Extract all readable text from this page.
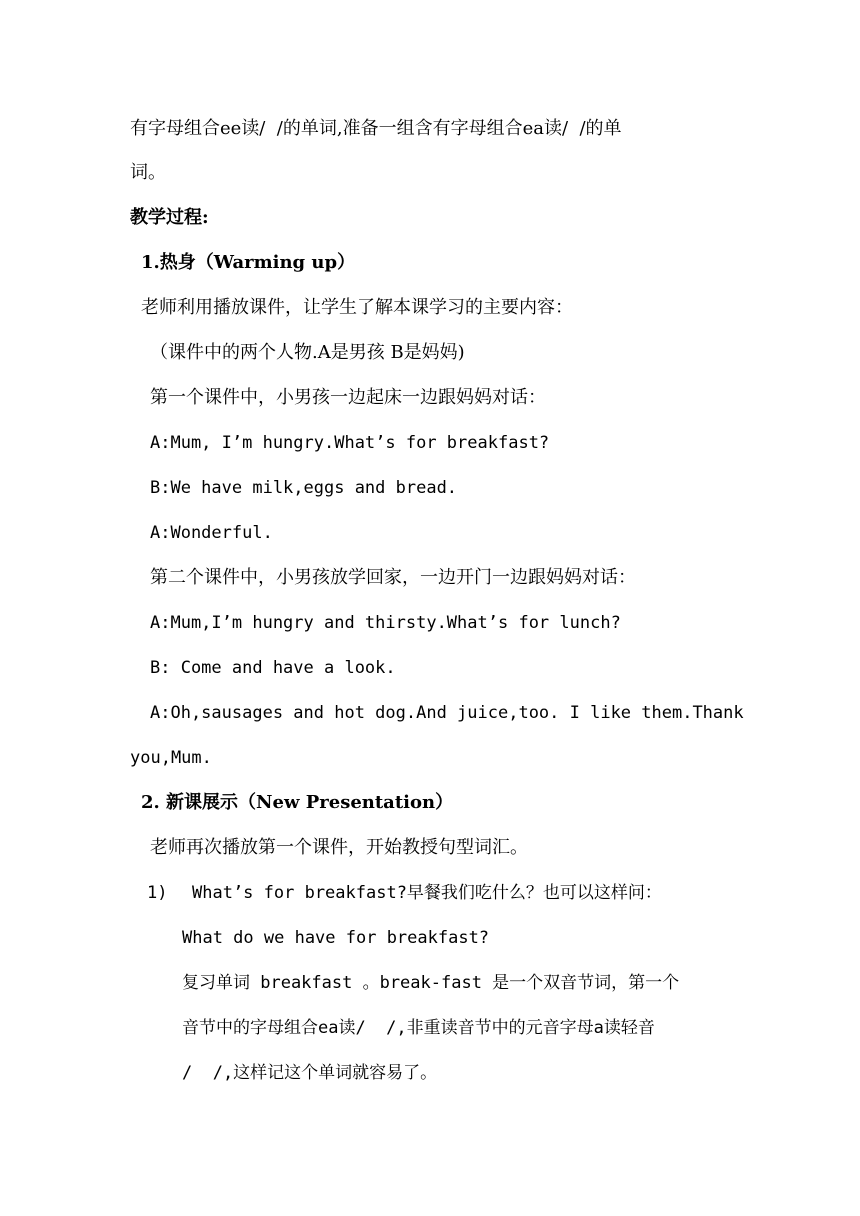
有字母组合ee读/  /的单词,准备一组含有字母组合ea读/  /的单
词。
教学过程:
1.热身（Warming up）
老师利用播放课件，让学生了解本课学习的主要内容：
（课件中的两个人物.A是男孩 B是妈妈)
第一个课件中，小男孩一边起床一边跟妈妈对话：
A:Mum, I’m hungry.What’s for breakfast?
B:We have milk,eggs and bread.
A:Wonderful.
第二个课件中，小男孩放学回家，一边开门一边跟妈妈对话：
A:Mum,I’m hungry and thirsty.What’s for lunch?
B: Come and have a look.
A:Oh,sausages and hot dog.And juice,too. I like them.Thank
you,Mum.
2. 新课展示（New Presentation）
老师再次播放第一个课件，开始教授句型词汇。
1) What’s for breakfast?早餐我们吃什么？也可以这样问：
What do we have for breakfast?
复习单词 breakfast 。break-fast 是一个双音节词，第一个
音节中的字母组合ea读/  /,非重读音节中的元音字母a读轻音
/  /,这样记这个单词就容易了。
